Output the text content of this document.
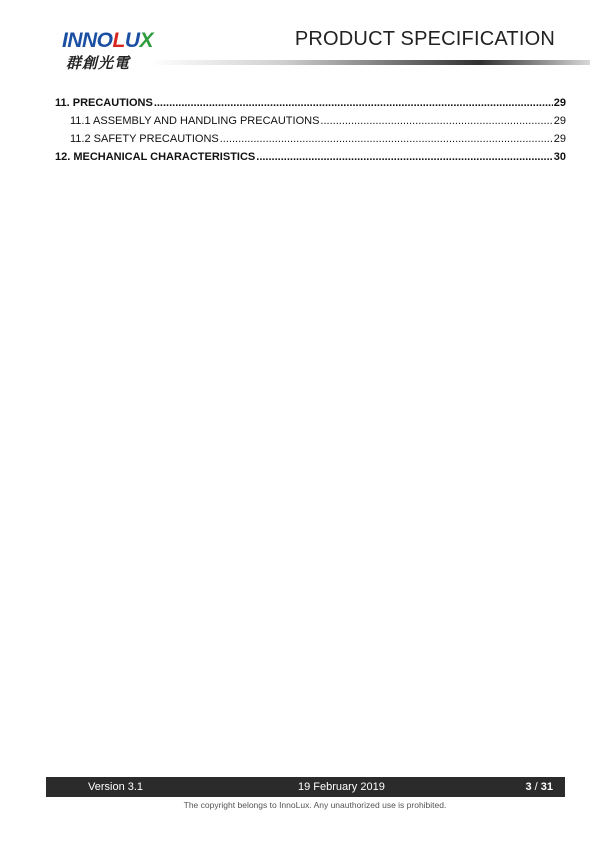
INNOLUX
群創光電
PRODUCT SPECIFICATION
11. PRECAUTIONS .....	29
11.1 ASSEMBLY AND HANDLING PRECAUTIONS .....	29
11.2 SAFETY PRECAUTIONS .....	29
12. MECHANICAL CHARACTERISTICS .....	30
Version 3.1	19 February 2019	3 / 31
The copyright belongs to InnoLux. Any unauthorized use is prohibited.
